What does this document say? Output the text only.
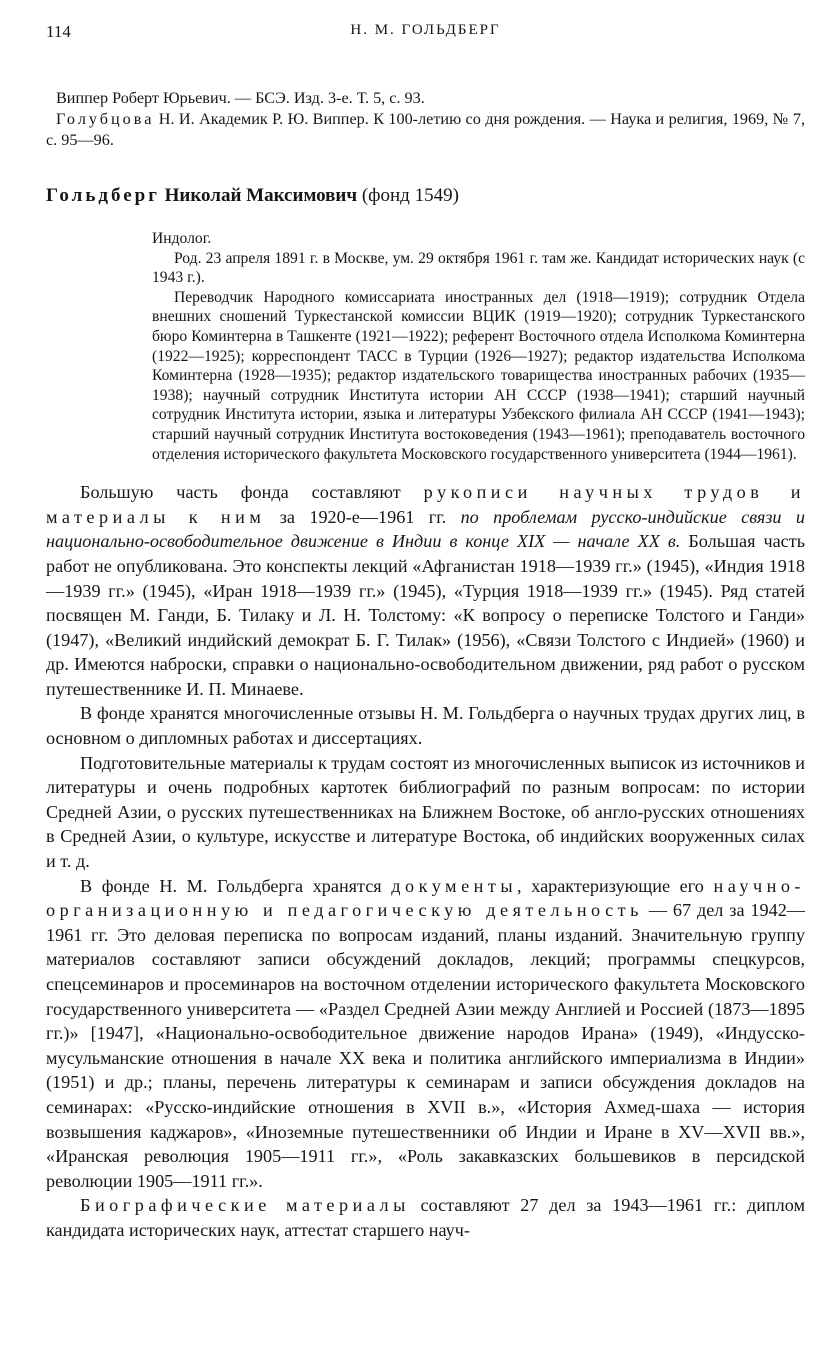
114	Н. М. ГОЛЬДБЕРГ

Виппер Роберт Юрьевич. — БСЭ. Изд. 3-е. Т. 5, с. 93.

Голубцова Н. И. Академик Р. Ю. Виппер. К 100-летию со дня рождения. — Наука и религия, 1969, № 7, с. 95—96.

Гольдберг Николай Максимович (фонд 1549)

Индолог.

Род. 23 апреля 1891 г. в Москве, ум. 29 октября 1961 г. там же. Кандидат исторических наук (с 1943 г.).

Переводчик Народного комиссариата иностранных дел (1918—1919); сотрудник Отдела внешних сношений Туркестанской комиссии ВЦИК (1919—1920); сотрудник Туркестанского бюро Коминтерна в Ташкенте (1921—1922); референт Восточного отдела Исполкома Коминтерна (1922—1925); корреспондент ТАСС в Турции (1926—1927); редактор издательства Исполкома Коминтерна (1928—1935); редактор издательского товарищества иностранных рабочих (1935—1938); научный сотрудник Института истории АН СССР (1938—1941); старший научный сотрудник Института истории, языка и литературы Узбекского филиала АН СССР (1941—1943); старший научный сотрудник Института востоковедения (1943—1961); преподаватель восточного отделения исторического факультета Московского государственного университета (1944—1961).

Большую часть фонда составляют рукописи научных трудов и материалы к ним за 1920-е—1961 гг. по проблемам русско-индийские связи и национально-освободительное движение в Индии в конце XIX — начале XX в. Большая часть работ не опубликована. Это конспекты лекций «Афганистан 1918—1939 гг.» (1945), «Индия 1918—1939 гг.» (1945), «Иран 1918—1939 гг.» (1945), «Турция 1918—1939 гг.» (1945). Ряд статей посвящен М. Ганди, Б. Тилаку и Л. Н. Толстому: «К вопросу о переписке Толстого и Ганди» (1947), «Великий индийский демократ Б. Г. Тилак» (1956), «Связи Толстого с Индией» (1960) и др. Имеются наброски, справки о национально-освободительном движении, ряд работ о русском путешественнике И. П. Минаеве.

В фонде хранятся многочисленные отзывы Н. М. Гольдберга о научных трудах других лиц, в основном о дипломных работах и диссертациях.

Подготовительные материалы к трудам состоят из многочисленных выписок из источников и литературы и очень подробных картотек библиографий по разным вопросам: по истории Средней Азии, о русских путешественниках на Ближнем Востоке, об англо-русских отношениях в Средней Азии, о культуре, искусстве и литературе Востока, об индийских вооруженных силах и т. д.

В фонде Н. М. Гольдберга хранятся документы, характеризующие его научно-организационную и педагогическую деятельность — 67 дел за 1942—1961 гг. Это деловая переписка по вопросам изданий, планы изданий. Значительную группу материалов составляют записи обсуждений докладов, лекций; программы спецкурсов, спецсеминаров и просеминаров на восточном отделении исторического факультета Московского государственного университета — «Раздел Средней Азии между Англией и Россией (1873—1895 гг.)» [1947], «Национально-освободительное движение народов Ирана» (1949), «Индусско-мусульманские отношения в начале XX века и политика английского империализма в Индии» (1951) и др.; планы, перечень литературы к семинарам и записи обсуждения докладов на семинарах: «Русско-индийские отношения в XVII в.», «История Ахмед-шаха — история возвышения каджаров», «Иноземные путешественники об Индии и Иране в XV—XVII вв.», «Иранская революция 1905—1911 гг.», «Роль закавказских большевиков в персидской революции 1905—1911 гг.».

Биографические материалы составляют 27 дел за 1943—1961 гг.: диплом кандидата исторических наук, аттестат старшего науч-
